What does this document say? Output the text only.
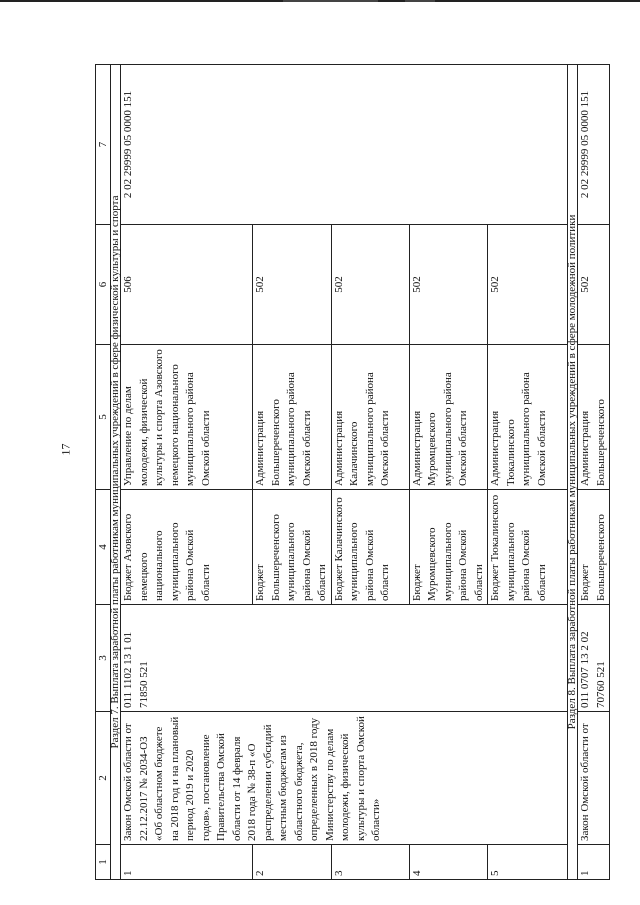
17
1	2	3	4	5	6	7
Раздел 7. Выплата заработной платы работникам муниципальных учреждений в сфере физической культуры и спорта						
1	Закон Омской области от 22.12.2017 № 2034-ОЗ «Об областном бюджете на 2018 год и на плановый период 2019 и 2020 годов», постановление Правительства Омской области от 14 февраля 2018 года № 38-п «О распределении субсидий местным бюджетам из областного бюджета, определенных в 2018 году Министерству по делам молодежи, физической культуры и спорта Омской области»	011 1102 13 1 01 71850 521	Бюджет Азовского немецкого национального муниципального района Омской области	Управление по делам молодежи, физической культуры и спорта Азовского немецкого национального муниципального района Омской области	506	2 02 29999 05 0000 151
2			Бюджет Большереченского муниципального района Омской области	Администрация Большереченского муниципального района Омской области	502	
3			Бюджет Калачинского муниципального района Омской области	Администрация Калачинского муниципального района Омской области	502	
4			Бюджет Муромцевского муниципального района Омской области	Администрация Муромцевского муниципального района Омской области	502	
5			Бюджет Тюкалинского муниципального района Омской области	Администрация Тюкалинского муниципального района Омской области	502	
Раздел 8. Выплата заработной платы работникам муниципальных учреждений в сфере молодежной политики						
1	Закон Омской области от	011 0707 13 2 02 70760 521	Бюджет Большереченского	Администрация Большереченского	502	2 02 29999 05 0000 151
